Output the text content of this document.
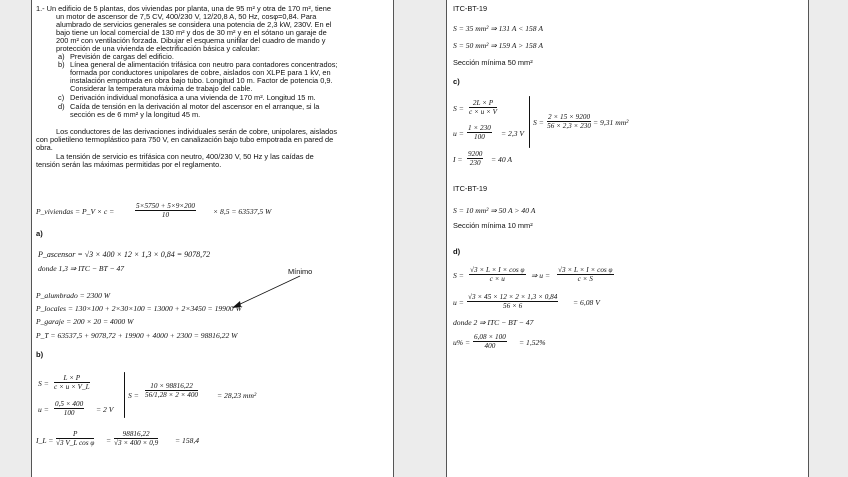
1.- Un edificio de 5 plantas, dos viviendas por planta, una de 95 m² y otra de 170 m², tiene
un motor de ascensor de 7,5 CV, 400/230 V, 12/20,8 A, 50 Hz, cosφ=0,84. Para
alumbrado de servicios generales se considera una potencia de 2,3 kW, 230V. En el
bajo tiene un local comercial de 130 m² y dos de 30 m² y en el sótano un garaje de
200 m² con ventilación forzada. Dibujar el esquema unifilar del cuadro de mando y
protección de una vivienda de electrificación básica y calcular:
a) Previsión de cargas del edificio.
b) Línea general de alimentación trifásica con neutro para contadores concentrados;
formada por conductores unipolares de cobre, aislados con XLPE para 1 kV, en
instalación empotrada en obra bajo tubo. Longitud 10 m. Factor de potencia 0,9.
Considerar la temperatura máxima de trabajo del cable.
c) Derivación individual monofásica a una vivienda de 170 m². Longitud 15 m.
d) Caída de tensión en la derivación al motor del ascensor en el arranque, si la
sección es de 6 mm² y la longitud 45 m.
Los conductores de las derivaciones individuales serán de cobre, unipolares, aislados
con polietileno termoplástico para 750 V, en canalización bajo tubo empotrada en pared de
obra.
La tensión de servicio es trifásica con neutro, 400/230 V, 50 Hz y las caídas de
tensión serán las máximas permitidas por el reglamento.
P_viviendas = P_V × c =	$\frac{5\times 5750 + 5\times 9\times 200}{10} \times 8,5 = 63537,5$ W
a)
P_ascensor = √3 × 400 × 12 × 1,3 × 0,84 = 9078,72
donde 1,3 ⇒ ITC − BT − 47	Mínimo
P_alumbrado = 2300 W
P_locales = 130×100 + 2×30×100 = 13000 + 2×3450 = 19900 W
P_garaje = 200 × 20 = 4000 W
P_T = 63537,5 + 9078,72 + 19900 + 4000 + 2300 = 98816,22 W
b)
$S = \frac{L \times P}{c \times u \times V\_L}$
$u = \frac{0,5 \times 400}{100} = 2$ V
$S = \frac{10 \times 98816,22}{56/1,28 \times 2 \times 400} = 28,23$ mm²
I_L = $\frac{P}{\text{√3 V\_L cos φ}} = \frac{98816,22}{√3 \times 400 \times 0,9} = 158,4$
ITC-BT-19
S = 35 mm² ⇒ 131 A < 158 A
S = 50 mm² ⇒ 159 A > 158 A
Sección mínima 50 mm²
c)
$S = \frac{2L \times P}{c \times u \times V}$
$u = \frac{1 \times 230}{100} = 2,3$ V
$I = \frac{9200}{230} = 40$ A
$S = \frac{2 \times 15 \times 9200}{56 \times 2,3 \times 230} = 9,31$ mm²
ITC-BT-19
S = 10 mm² ⇒ 50 A > 40 A
Sección mínima 10 mm²
d)
$S = \frac{\text{√3 × L × I × cos φ}}{c \times u}$ ⇒ $u = \frac{\text{√3 × L × I × cos φ}}{c \times S}$
$u = \frac{√3 \times 45 \times 12 \times 2 \times 1,3 \times 0,84}{56 \times 6} = 6,08$ V
donde 2 ⇒ ITC − BT − 47
$u\% = \frac{6,08 \times 100}{400} = 1,52\%$
